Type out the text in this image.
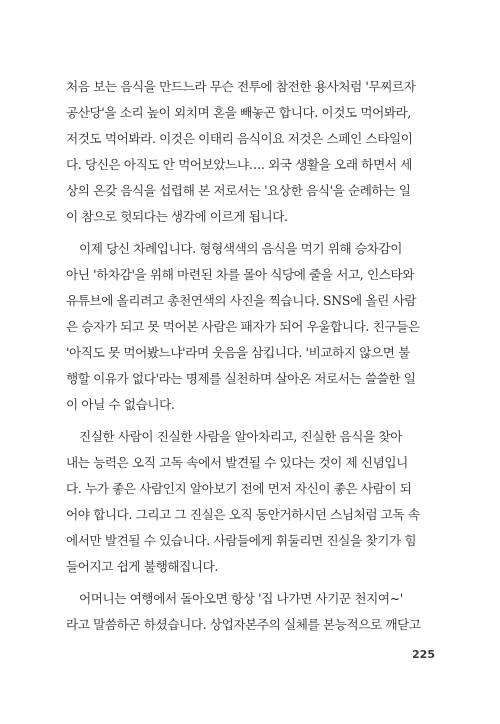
처음 보는 음식을 만드느라 무슨 전투에 참전한 용사처럼 '무찌르자
공산당'을 소리 높이 외치며 혼을 빼놓곤 합니다. 이것도 먹어봐라,
저것도 먹어봐라. 이것은 이태리 음식이요 저것은 스페인 스타일이
다. 당신은 아직도 안 먹어보았느냐…. 외국 생활을 오래 하면서 세
상의 온갖 음식을 섭렵해 본 저로서는 '요상한 음식'을 순례하는 일
이 참으로 헛되다는 생각에 이르게 됩니다.
이제 당신 차례입니다. 형형색색의 음식을 먹기 위해 승차감이
아닌 '하차감'을 위해 마련된 차를 몰아 식당에 줄을 서고, 인스타와
유튜브에 올리려고 총천연색의 사진을 찍습니다. SNS에 올린 사람
은 승자가 되고 못 먹어본 사람은 패자가 되어 우울합니다. 친구들은
'아직도 못 먹어봤느냐'라며 웃음을 삼킵니다. '비교하지 않으면 불
행할 이유가 없다'라는 명제를 실천하며 살아온 저로서는 쓸쓸한 일
이 아닐 수 없습니다.
진실한 사람이 진실한 사람을 알아차리고, 진실한 음식을 찾아
내는 능력은 오직 고독 속에서 발견될 수 있다는 것이 제 신념입니
다. 누가 좋은 사람인지 알아보기 전에 먼저 자신이 좋은 사람이 되
어야 합니다. 그리고 그 진실은 오직 동안거하시던 스님처럼 고독 속
에서만 발견될 수 있습니다. 사람들에게 휘둘리면 진실을 찾기가 힘
들어지고 쉽게 불행해집니다.
어머니는 여행에서 돌아오면 항상 '집 나가면 사기꾼 천지여~'
라고 말씀하곤 하셨습니다. 상업자본주의 실체를 본능적으로 깨닫고
225
